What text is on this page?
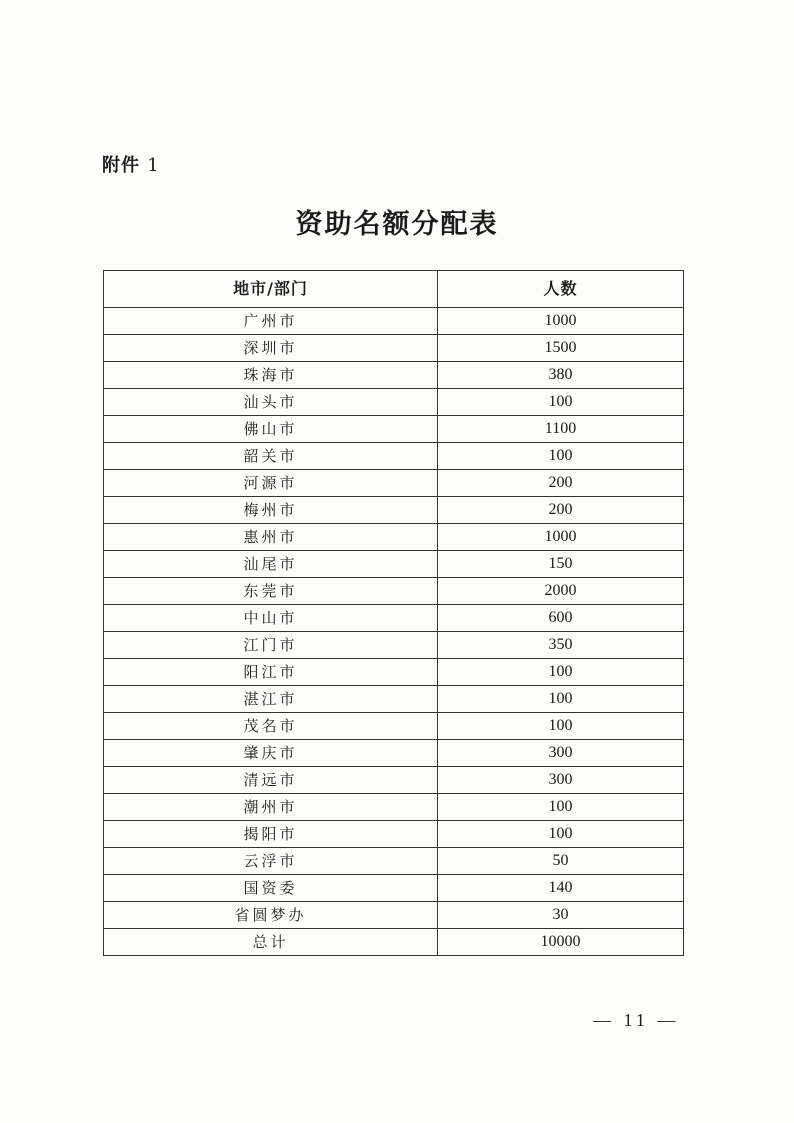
附件 1
资助名额分配表
地市/部门	人数
广州市	1000
深圳市	1500
珠海市	380
汕头市	100
佛山市	1100
韶关市	100
河源市	200
梅州市	200
惠州市	1000
汕尾市	150
东莞市	2000
中山市	600
江门市	350
阳江市	100
湛江市	100
茂名市	100
肇庆市	300
清远市	300
潮州市	100
揭阳市	100
云浮市	50
国资委	140
省圆梦办	30
总计	10000
— 11 —
